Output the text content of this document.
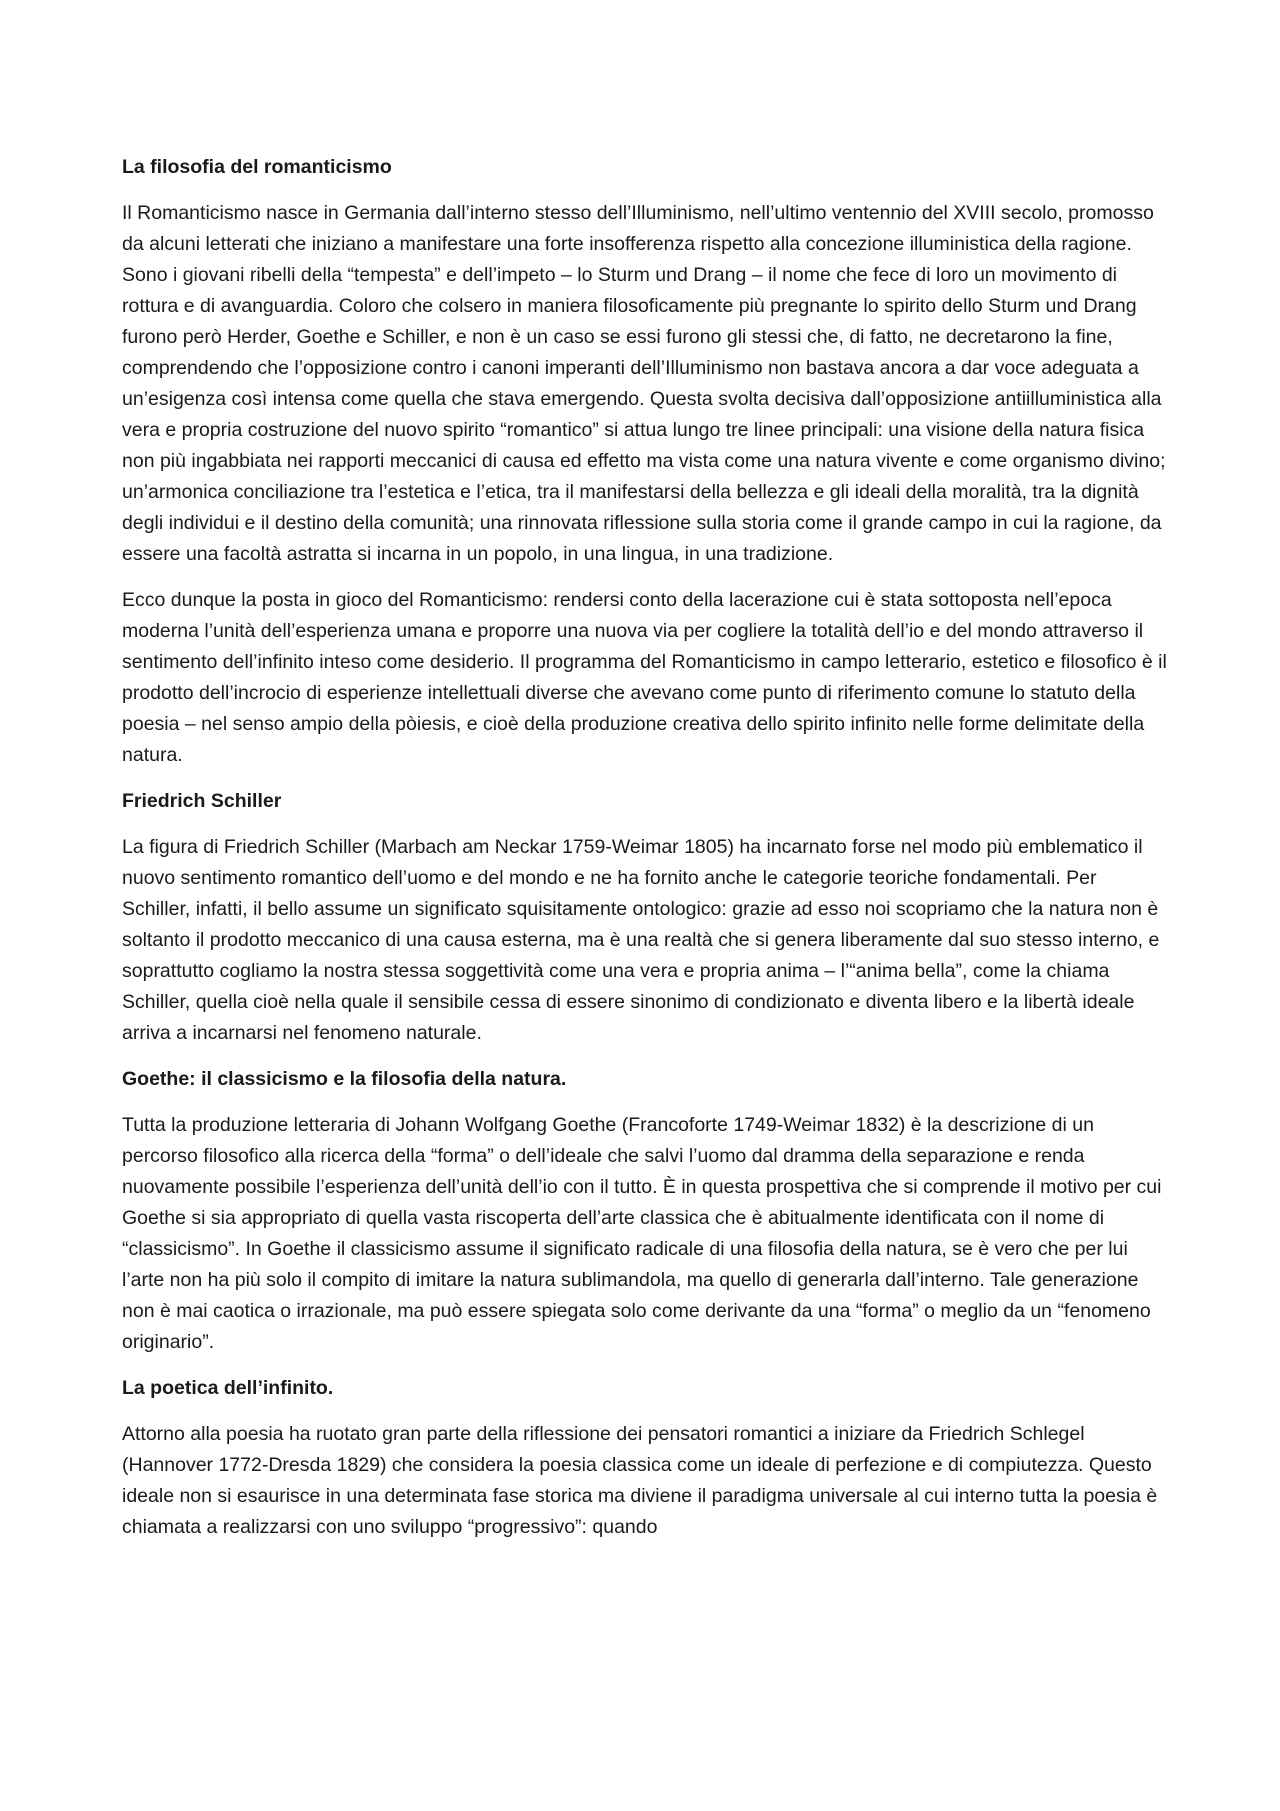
La filosofia del romanticismo

Il Romanticismo nasce in Germania dall’interno stesso dell’Illuminismo, nell’ultimo ventennio del XVIII secolo, promosso da alcuni letterati che iniziano a manifestare una forte insofferenza rispetto alla concezione illuministica della ragione. Sono i giovani ribelli della “tempesta” e dell’impeto – lo Sturm und Drang – il nome che fece di loro un movimento di rottura e di avanguardia. Coloro che colsero in maniera filosoficamente più pregnante lo spirito dello Sturm und Drang furono però Herder, Goethe e Schiller, e non è un caso se essi furono gli stessi che, di fatto, ne decretarono la fine, comprendendo che l’opposizione contro i canoni imperanti dell’Illuminismo non bastava ancora a dar voce adeguata a un’esigenza così intensa come quella che stava emergendo. Questa svolta decisiva dall’opposizione antiilluministica alla vera e propria costruzione del nuovo spirito “romantico” si attua lungo tre linee principali: una visione della natura fisica non più ingabbiata nei rapporti meccanici di causa ed effetto ma vista come una natura vivente e come organismo divino; un’armonica conciliazione tra l’estetica e l’etica, tra il manifestarsi della bellezza e gli ideali della moralità, tra la dignità degli individui e il destino della comunità; una rinnovata riflessione sulla storia come il grande campo in cui la ragione, da essere una facoltà astratta si incarna in un popolo, in una lingua, in una tradizione.

Ecco dunque la posta in gioco del Romanticismo: rendersi conto della lacerazione cui è stata sottoposta nell’epoca moderna l’unità dell’esperienza umana e proporre una nuova via per cogliere la totalità dell’io e del mondo attraverso il sentimento dell’infinito inteso come desiderio. Il programma del Romanticismo in campo letterario, estetico e filosofico è il prodotto dell’incrocio di esperienze intellettuali diverse che avevano come punto di riferimento comune lo statuto della poesia – nel senso ampio della pòiesis, e cioè della produzione creativa dello spirito infinito nelle forme delimitate della natura.

Friedrich Schiller

La figura di Friedrich Schiller (Marbach am Neckar 1759-Weimar 1805) ha incarnato forse nel modo più emblematico il nuovo sentimento romantico dell’uomo e del mondo e ne ha fornito anche le categorie teoriche fondamentali. Per Schiller, infatti, il bello assume un significato squisitamente ontologico: grazie ad esso noi scopriamo che la natura non è soltanto il prodotto meccanico di una causa esterna, ma è una realtà che si genera liberamente dal suo stesso interno, e soprattutto cogliamo la nostra stessa soggettività come una vera e propria anima – l’“anima bella”, come la chiama Schiller, quella cioè nella quale il sensibile cessa di essere sinonimo di condizionato e diventa libero e la libertà ideale arriva a incarnarsi nel fenomeno naturale.

Goethe: il classicismo e la filosofia della natura.

Tutta la produzione letteraria di Johann Wolfgang Goethe (Francoforte 1749-Weimar 1832) è la descrizione di un percorso filosofico alla ricerca della “forma” o dell’ideale che salvi l’uomo dal dramma della separazione e renda nuovamente possibile l’esperienza dell’unità dell’io con il tutto. È in questa prospettiva che si comprende il motivo per cui Goethe si sia appropriato di quella vasta riscoperta dell’arte classica che è abitualmente identificata con il nome di “classicismo”. In Goethe il classicismo assume il significato radicale di una filosofia della natura, se è vero che per lui l’arte non ha più solo il compito di imitare la natura sublimandola, ma quello di generarla dall’interno. Tale generazione non è mai caotica o irrazionale, ma può essere spiegata solo come derivante da una “forma” o meglio da un “fenomeno originario”.

La poetica dell’infinito.

Attorno alla poesia ha ruotato gran parte della riflessione dei pensatori romantici a iniziare da Friedrich Schlegel (Hannover 1772-Dresda 1829) che considera la poesia classica come un ideale di perfezione e di compiutezza. Questo ideale non si esaurisce in una determinata fase storica ma diviene il paradigma universale al cui interno tutta la poesia è chiamata a realizzarsi con uno sviluppo “progressivo”: quando
